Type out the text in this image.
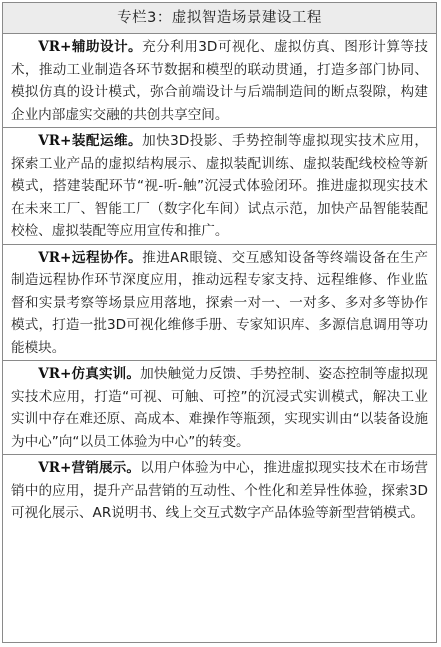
专栏3：虚拟智造场景建设工程
VR+辅助设计。充分利用3D可视化、虚拟仿真、图形计算等技术，推动工业制造各环节数据和模型的联动贯通，打造多部门协同、模拟仿真的设计模式，弥合前端设计与后端制造间的断点裂隙，构建企业内部虚实交融的共创共享空间。
VR+装配运维。加快3D投影、手势控制等虚拟现实技术应用，探索工业产品的虚拟结构展示、虚拟装配训练、虚拟装配线校检等新模式，搭建装配环节“视-听-触”沉浸式体验闭环。推进虚拟现实技术在未来工厂、智能工厂（数字化车间）试点示范，加快产品智能装配校检、虚拟装配等应用宣传和推广。
VR+远程协作。推进AR眼镜、交互感知设备等终端设备在生产制造远程协作环节深度应用，推动远程专家支持、远程维修、作业监督和实景考察等场景应用落地，探索一对一、一对多、多对多等协作模式，打造一批3D可视化维修手册、专家知识库、多源信息调用等功能模块。
VR+仿真实训。加快触觉力反馈、手势控制、姿态控制等虚拟现实技术应用，打造“可视、可触、可控”的沉浸式实训模式，解决工业实训中存在难还原、高成本、难操作等瓶颈，实现实训由“以装备设施为中心”向“以员工体验为中心”的转变。
VR+营销展示。以用户体验为中心，推进虚拟现实技术在市场营销中的应用，提升产品营销的互动性、个性化和差异性体验，探索3D可视化展示、AR说明书、线上交互式数字产品体验等新型营销模式。
